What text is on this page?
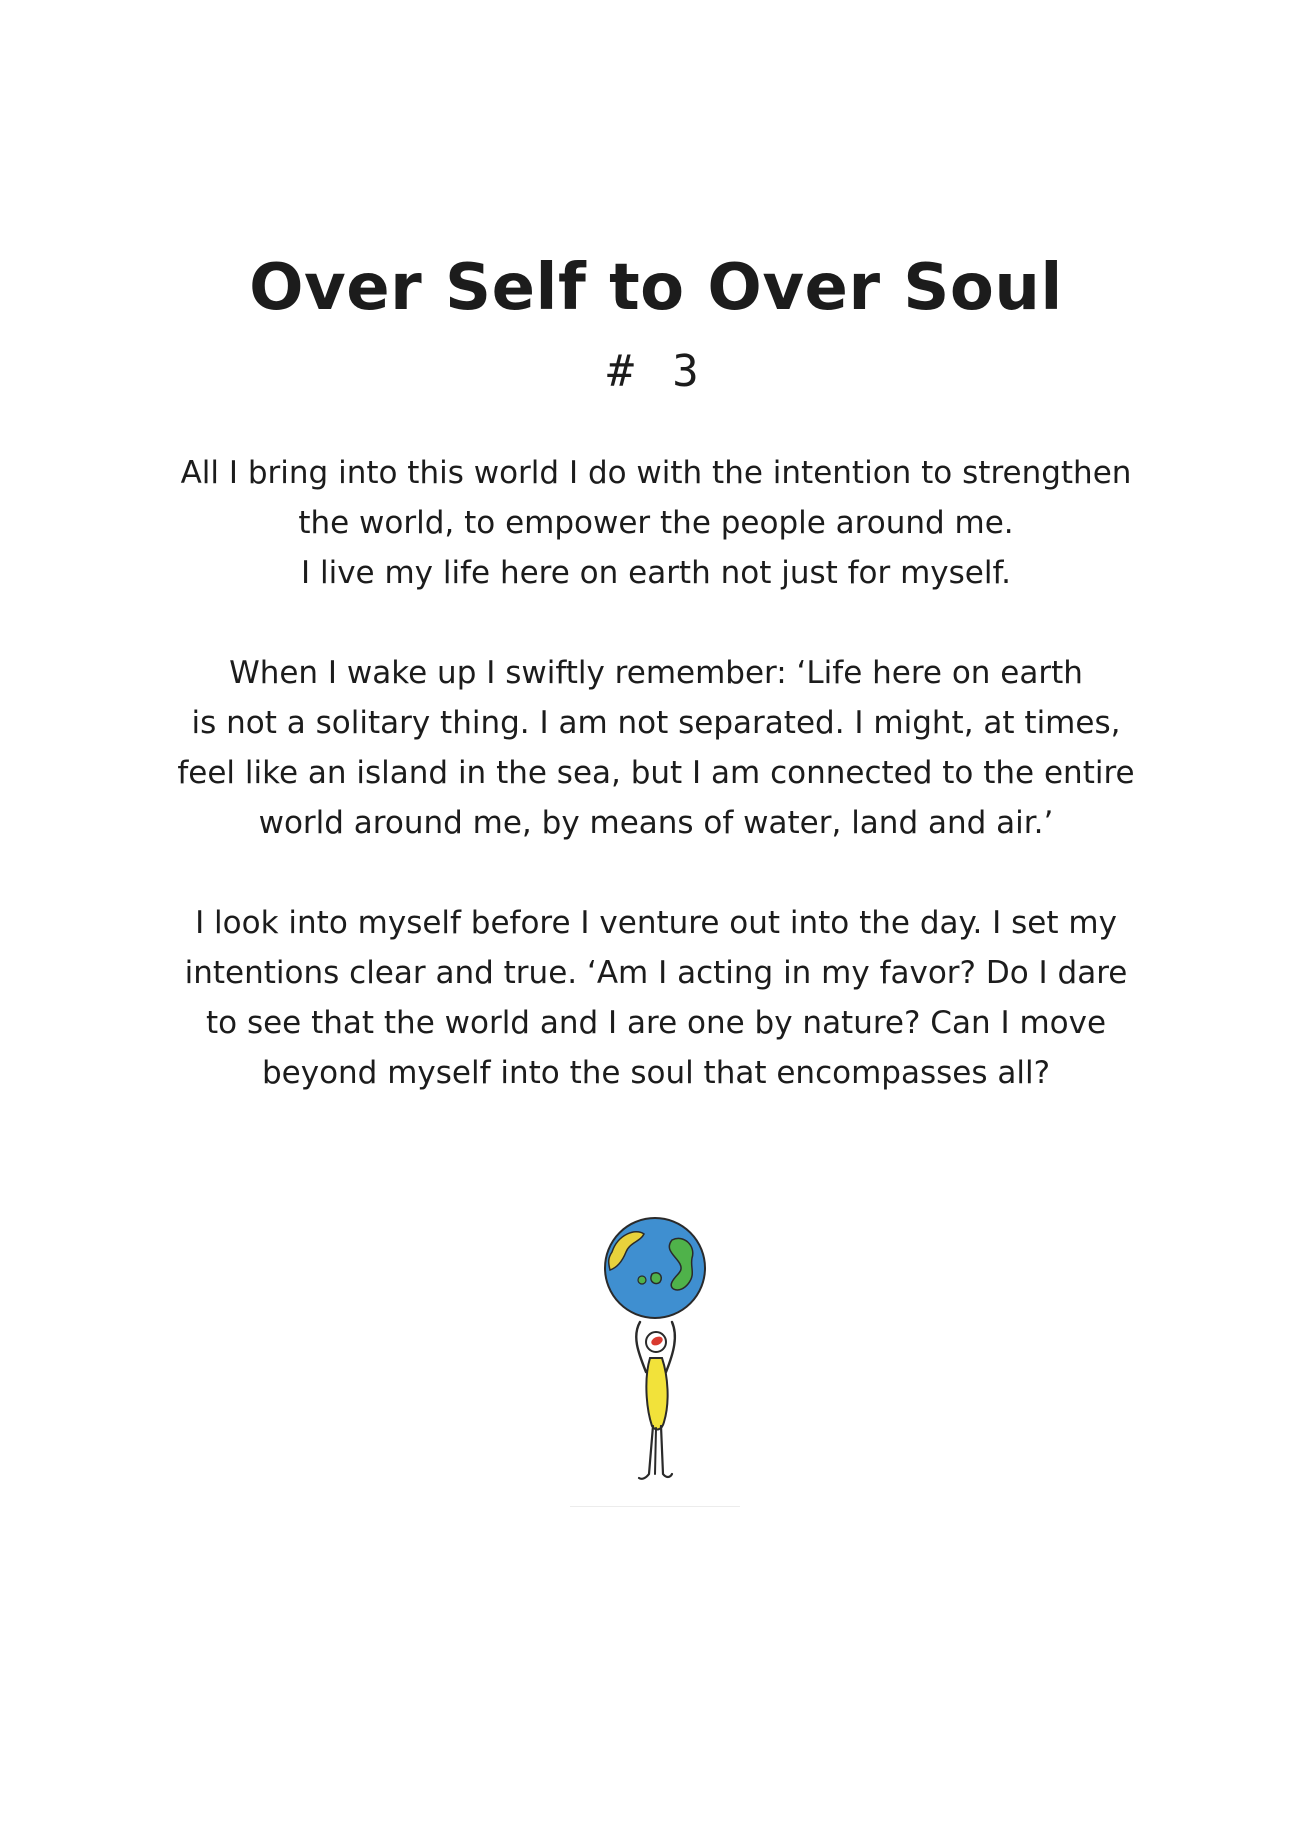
Over Self to Over Soul
# 3
All I bring into this world I do with the intention to strengthen
the world, to empower the people around me.
I live my life here on earth not just for myself.
When I wake up I swiftly remember: ‘Life here on earth
is not a solitary thing. I am not separated. I might, at times,
feel like an island in the sea, but I am connected to the entire
world around me, by means of water, land and air.’
I look into myself before I venture out into the day. I set my
intentions clear and true. ‘Am I acting in my favor? Do I dare
to see that the world and I are one by nature? Can I move
beyond myself into the soul that encompasses all?
